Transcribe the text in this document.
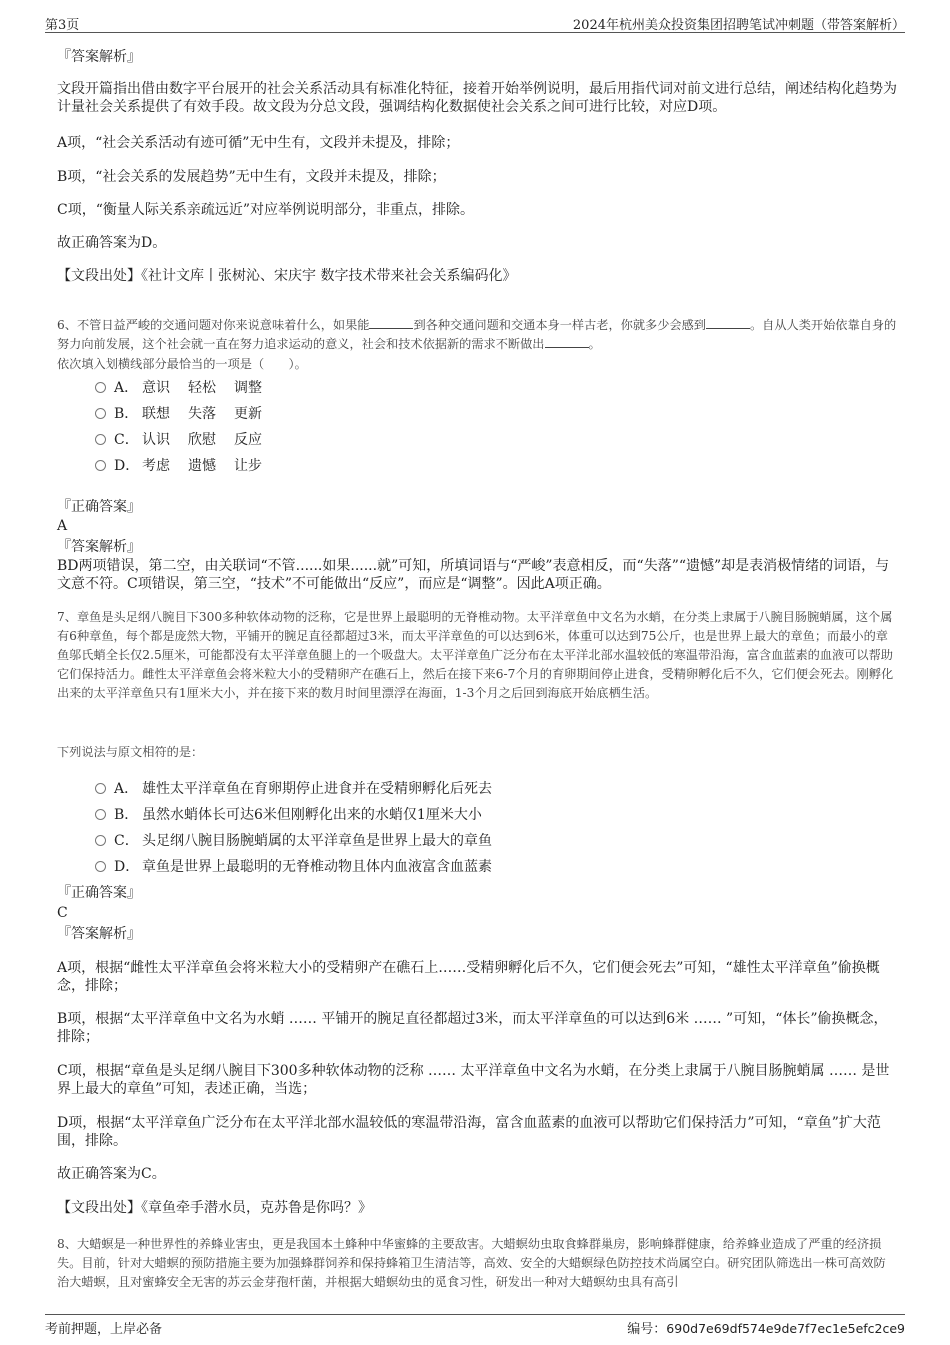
第3页	2024年杭州美众投资集团招聘笔试冲刺题（带答案解析）
『答案解析』
文段开篇指出借由数字平台展开的社会关系活动具有标准化特征，接着开始举例说明，最后用指代词对前文进行总结，阐述结构化趋势为计量社会关系提供了有效手段。故文段为分总文段，强调结构化数据使社会关系之间可进行比较，对应D项。
A项，“社会关系活动有迹可循”无中生有，文段并未提及，排除；
B项，“社会关系的发展趋势”无中生有，文段并未提及，排除；
C项，“衡量人际关系亲疏远近”对应举例说明部分，非重点，排除。
故正确答案为D。
【文段出处】《社计文库丨张树沁、宋庆宇 数字技术带来社会关系编码化》
6、不管日益严峻的交通问题对你来说意味着什么，如果能	到各种交通问题和交通本身一样古老，你就多少会感到	。自从人类开始依靠自身的努力向前发展，这个社会就一直在努力追求运动的意义，社会和技术依据新的需求不断做出	。
依次填入划横线部分最恰当的一项是（　　）。
A． 意识 轻松 调整
B． 联想 失落 更新
C． 认识 欣慰 反应
D． 考虑 遗憾 让步
『正确答案』
A
『答案解析』
BD两项错误，第二空，由关联词“不管......如果......就”可知，所填词语与“严峻”表意相反，而“失落”“遗憾”却是表消极情绪的词语，与文意不符。C项错误，第三空，“技术”不可能做出“反应”，而应是“调整”。因此A项正确。
7、章鱼是头足纲八腕目下300多种软体动物的泛称，它是世界上最聪明的无脊椎动物。太平洋章鱼中文名为水蛸，在分类上隶属于八腕目肠腕蛸属，这个属有6种章鱼，每个都是庞然大物，平铺开的腕足直径都超过3米，而太平洋章鱼的可以达到6米，体重可以达到75公斤，也是世界上最大的章鱼；而最小的章鱼邬氏蛸全长仅2.5厘米，可能都没有太平洋章鱼腿上的一个吸盘大。太平洋章鱼广泛分布在太平洋北部水温较低的寒温带沿海，富含血蓝素的血液可以帮助它们保持活力。雌性太平洋章鱼会将米粒大小的受精卵产在礁石上，然后在接下来6-7个月的育卵期间停止进食，受精卵孵化后不久，它们便会死去。刚孵化出来的太平洋章鱼只有1厘米大小，并在接下来的数月时间里漂浮在海面，1-3个月之后回到海底开始底栖生活。
下列说法与原文相符的是：
A． 雄性太平洋章鱼在育卵期停止进食并在受精卵孵化后死去
B． 虽然水蛸体长可达6米但刚孵化出来的水蛸仅1厘米大小
C． 头足纲八腕目肠腕蛸属的太平洋章鱼是世界上最大的章鱼
D． 章鱼是世界上最聪明的无脊椎动物且体内血液富含血蓝素
『正确答案』
C
『答案解析』
A项，根据“雌性太平洋章鱼会将米粒大小的受精卵产在礁石上……受精卵孵化后不久，它们便会死去”可知，“雄性太平洋章鱼”偷换概念，排除；
B项，根据“太平洋章鱼中文名为水蛸 …… 平铺开的腕足直径都超过3米，而太平洋章鱼的可以达到6米 …… ”可知，“体长”偷换概念，排除；
C项，根据“章鱼是头足纲八腕目下300多种软体动物的泛称 …… 太平洋章鱼中文名为水蛸，在分类上隶属于八腕目肠腕蛸属 …… 是世界上最大的章鱼”可知，表述正确，当选；
D项，根据“太平洋章鱼广泛分布在太平洋北部水温较低的寒温带沿海，富含血蓝素的血液可以帮助它们保持活力”可知，“章鱼”扩大范围，排除。
故正确答案为C。
【文段出处】《章鱼牵手潜水员，克苏鲁是你吗？》
8、大蜡螟是一种世界性的养蜂业害虫，更是我国本土蜂种中华蜜蜂的主要敌害。大蜡螟幼虫取食蜂群巢房，影响蜂群健康，给养蜂业造成了严重的经济损失。目前，针对大蜡螟的预防措施主要为加强蜂群饲养和保持蜂箱卫生清洁等，高效、安全的大蜡螟绿色防控技术尚属空白。研究团队筛选出一株可高效防治大蜡螟，且对蜜蜂安全无害的苏云金芽孢杆菌，并根据大蜡螟幼虫的觅食习性，研发出一种对大蜡螟幼虫具有高引
考前押题，上岸必备	编号：690d7e69df574e9de7f7ec1e5efc2ce9
